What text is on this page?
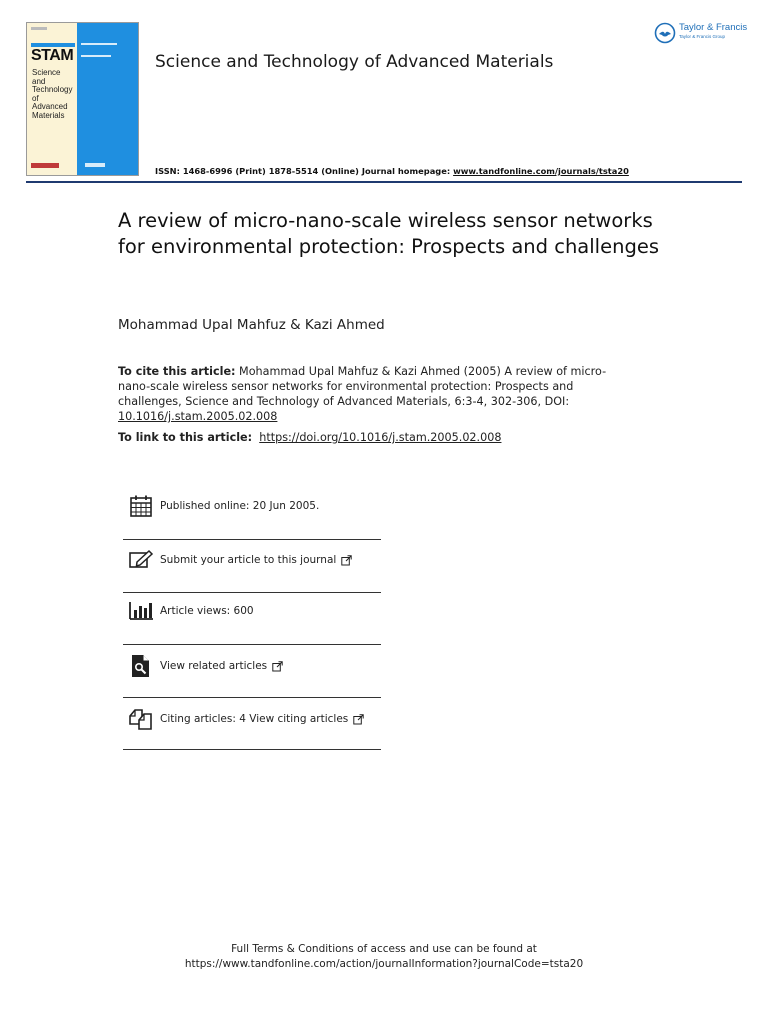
STAM
Science and Technology of Advanced Materials
Science and Technology of Advanced Materials
Taylor & Francis
Taylor & Francis Group
ISSN: 1468-6996 (Print) 1878-5514 (Online) Journal homepage: www.tandfonline.com/journals/tsta20
A review of micro-nano-scale wireless sensor networks for environmental protection: Prospects and challenges
Mohammad Upal Mahfuz & Kazi Ahmed
To cite this article: Mohammad Upal Mahfuz & Kazi Ahmed (2005) A review of micro-nano-scale wireless sensor networks for environmental protection: Prospects and challenges, Science and Technology of Advanced Materials, 6:3-4, 302-306, DOI: 10.1016/j.stam.2005.02.008
To link to this article: https://doi.org/10.1016/j.stam.2005.02.008
Published online: 20 Jun 2005.
Submit your article to this journal
Article views: 600
View related articles
Citing articles: 4 View citing articles
Full Terms & Conditions of access and use can be found at
https://www.tandfonline.com/action/journalInformation?journalCode=tsta20
